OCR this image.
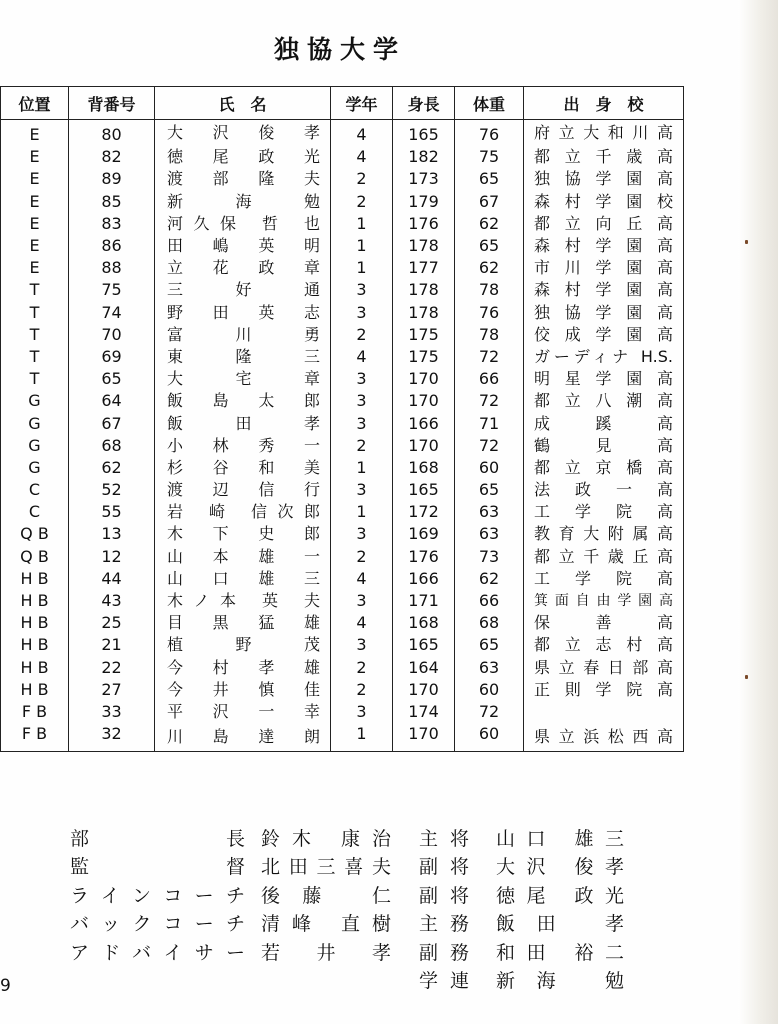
独協大学
位置	背番号	氏　名	学年	身長	体重	出　身　校
E	80	大 沢 俊 孝	4	165	76	府立大和川高
E	82	徳 尾 政 光	4	182	75	都立千歳高
E	89	渡 部 隆 夫	2	173	65	独協学園高
E	85	新 海 勉	2	179	67	森村学園校
E	83	河久保 哲 也	1	176	62	都立向丘高
E	86	田 嶋 英 明	1	178	65	森村学園高
E	88	立 花 政 章	1	177	62	市川学園高
T	75	三 好 通	3	178	78	森村学園高
T	74	野 田 英 志	3	178	76	独協学園高
T	70	富 川 勇	2	175	78	佼成学園高
T	69	東 隆 三	4	175	72	ガーディナ H.S.
T	65	大 宅 章	3	170	66	明星学園高
G	64	飯 島 太 郎	3	170	72	都立八潮高
G	67	飯 田 孝	3	166	71	成 蹊 高
G	68	小 林 秀 一	2	170	72	鶴 見 高
G	62	杉 谷 和 美	1	168	60	都立京橋高
C	52	渡 辺 信 行	3	165	65	法 政 一 高
C	55	岩 崎 信次郎	1	172	63	工 学 院 高
Q B	13	木 下 史 郎	3	169	63	教育大附属高
Q B	12	山 本 雄 一	2	176	73	都立千歳丘高
H B	44	山 口 雄 三	4	166	62	工 学 院 高
H B	43	木ノ本 英 夫	3	171	66	箕面自由学園高
H B	25	目 黒 猛 雄	4	168	68	保 善 高
H B	21	植 野 茂	3	165	65	都立志村高
H B	22	今 村 孝 雄	2	164	63	県立春日部高
H B	27	今 井 慎 佳	2	170	60	正則学院高
F B	33	平 沢 一 幸	3	174	72	
F B	32	川 島 達 朗	1	170	60	県立浜松西高
部 長		鈴木 康治		主将		山口 雄三
監 督		北田三喜夫		副将		大沢 俊孝
ラインコーチ		後藤 仁		副将		徳尾 政光
バックコーチ		清峰 直樹		主務		飯田 孝
アドバイサー		若 井 孝		副務		和田 裕二
				学連		新海 勉
9
